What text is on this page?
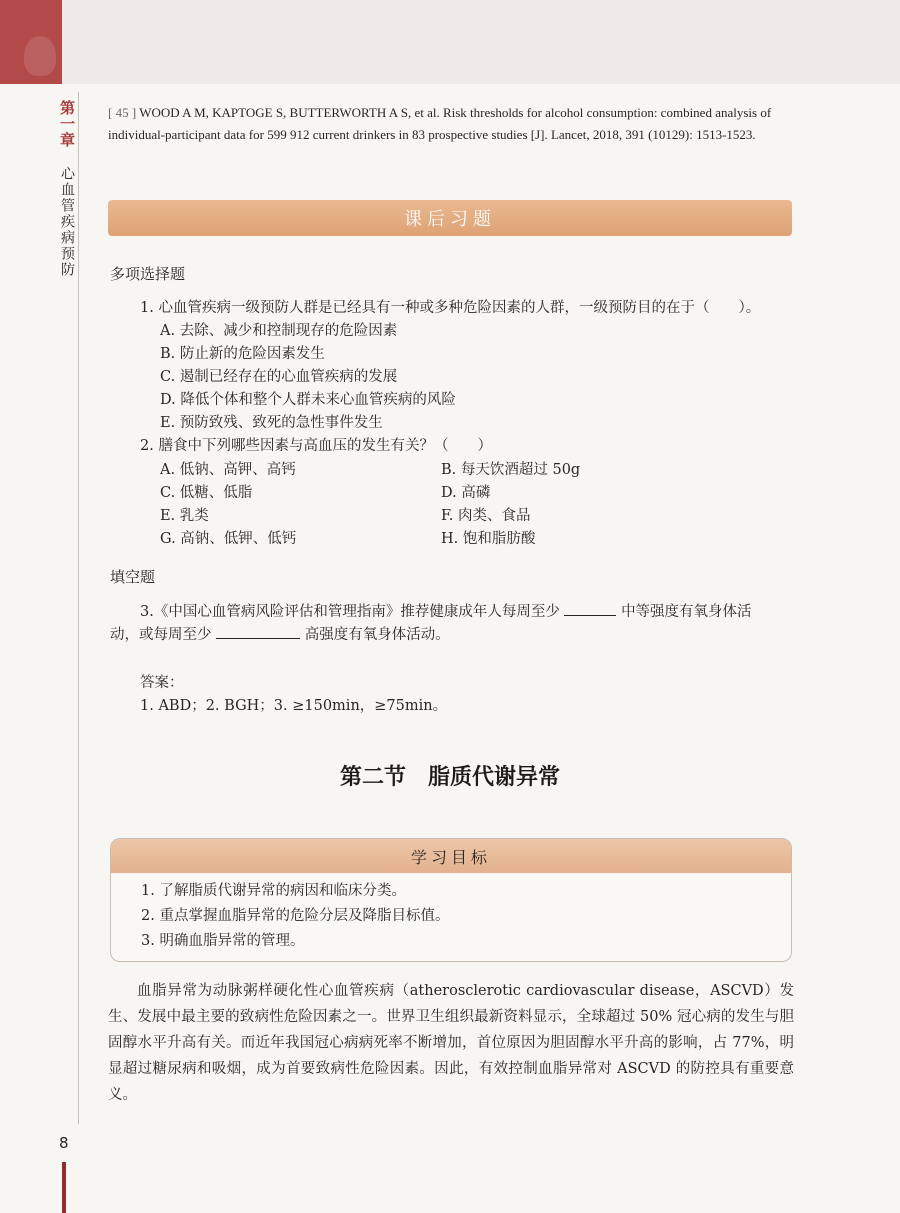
第一章
心血管疾病预防
[ 45 ] WOOD A M, KAPTOGE S, BUTTERWORTH A S, et al. Risk thresholds for alcohol consumption: combined analysis of individual-participant data for 599 912 current drinkers in 83 prospective studies [J]. Lancet, 2018, 391 (10129): 1513-1523.
课后习题
多项选择题
1. 心血管疾病一级预防人群是已经具有一种或多种危险因素的人群，一级预防目的在于（　　）。
A. 去除、减少和控制现存的危险因素
B. 防止新的危险因素发生
C. 遏制已经存在的心血管疾病的发展
D. 降低个体和整个人群未来心血管疾病的风险
E. 预防致残、致死的急性事件发生
2. 膳食中下列哪些因素与高血压的发生有关？（　　）
A. 低钠、高钾、高钙	B. 每天饮酒超过 50g
C. 低糖、低脂	D. 高磷
E. 乳类	F. 肉类、食品
G. 高钠、低钾、低钙	H. 饱和脂肪酸
填空题
3.《中国心血管病风险评估和管理指南》推荐健康成年人每周至少	中等强度有氧身体活
动，或每周至少	高强度有氧身体活动。
答案：
1. ABD；2. BGH；3. ≥150min，≥75min。
第二节　脂质代谢异常
学习目标
1. 了解脂质代谢异常的病因和临床分类。
2. 重点掌握血脂异常的危险分层及降脂目标值。
3. 明确血脂异常的管理。
血脂异常为动脉粥样硬化性心血管疾病（atherosclerotic cardiovascular disease，ASCVD）发生、发展中最主要的致病性危险因素之一。世界卫生组织最新资料显示，全球超过 50% 冠心病的发生与胆固醇水平升高有关。而近年我国冠心病病死率不断增加，首位原因为胆固醇水平升高的影响，占 77%，明显超过糖尿病和吸烟，成为首要致病性危险因素。因此，有效控制血脂异常对 ASCVD 的防控具有重要意义。
8
